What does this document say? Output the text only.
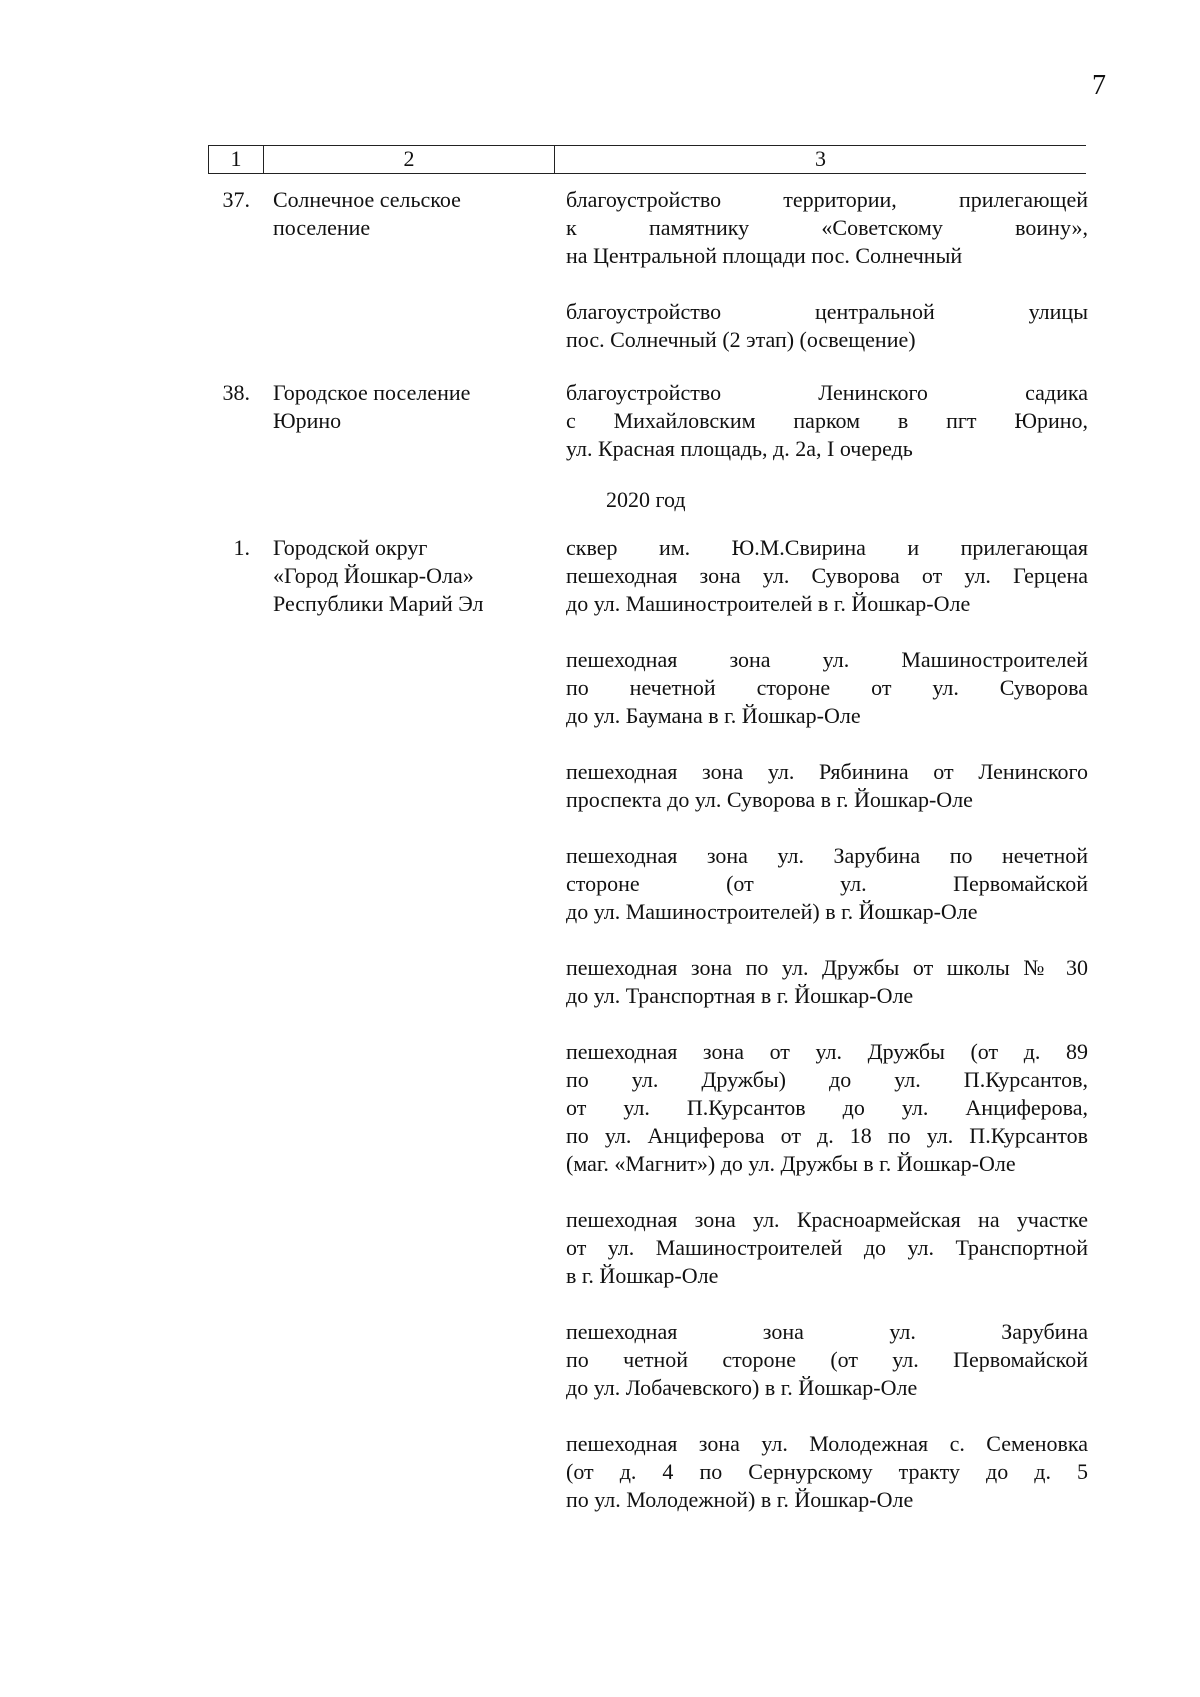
7
1	2	3
37. Солнечное сельское
поселение
благоустройство территории, прилегающей
к памятнику «Советскому воину»,
на Центральной площади пос. Солнечный
благоустройство центральной улицы
пос. Солнечный (2 этап) (освещение)
38. Городское поселение
Юрино
благоустройство Ленинского садика
с Михайловским парком в пгт Юрино,
ул. Красная площадь, д. 2а, I очередь
2020 год
1. Городской округ
«Город Йошкар-Ола»
Республики Марий Эл
сквер им. Ю.М.Свирина и прилегающая
пешеходная зона ул. Суворова от ул. Герцена
до ул. Машиностроителей в г. Йошкар-Оле
пешеходная зона ул. Машиностроителей
по нечетной стороне от ул. Суворова
до ул. Баумана в г. Йошкар-Оле
пешеходная зона ул. Рябинина от Ленинского
проспекта до ул. Суворова в г. Йошкар-Оле
пешеходная зона ул. Зарубина по нечетной
стороне (от ул. Первомайской
до ул. Машиностроителей) в г. Йошкар-Оле
пешеходная зона по ул. Дружбы от школы № 30
до ул. Транспортная в г. Йошкар-Оле
пешеходная зона от ул. Дружбы (от д. 89
по ул. Дружбы) до ул. П.Курсантов,
от ул. П.Курсантов до ул. Анциферова,
по ул. Анциферова от д. 18 по ул. П.Курсантов
(маг. «Магнит») до ул. Дружбы в г. Йошкар-Оле
пешеходная зона ул. Красноармейская на участке
от ул. Машиностроителей до ул. Транспортной
в г. Йошкар-Оле
пешеходная зона ул. Зарубина
по четной стороне (от ул. Первомайской
до ул. Лобачевского) в г. Йошкар-Оле
пешеходная зона ул. Молодежная с. Семеновка
(от д. 4 по Сернурскому тракту до д. 5
по ул. Молодежной) в г. Йошкар-Оле
